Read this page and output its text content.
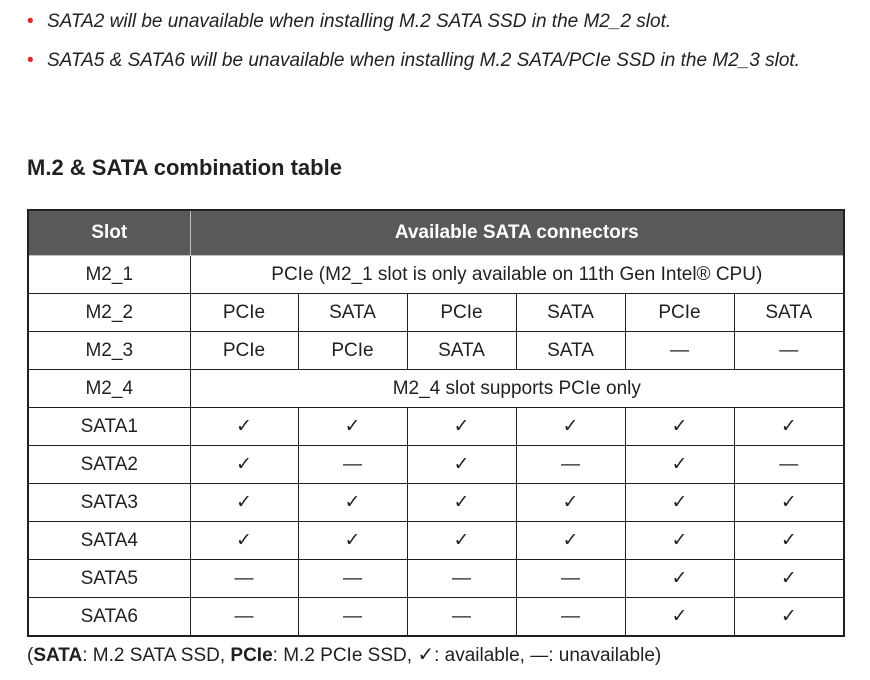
• SATA2 will be unavailable when installing M.2 SATA SSD in the M2_2 slot.

• SATA5 & SATA6 will be unavailable when installing M.2 SATA/PCIe SSD in the M2_3 slot.

M.2 & SATA combination table
Slot	Available SATA connectors					
M2_1	PCIe (M2_1 slot is only available on 11th Gen Intel® CPU)					
M2_2	PCIe	SATA	PCIe	SATA	PCIe	SATA
M2_3	PCIe	PCIe	SATA	SATA	—	—
M2_4	M2_4 slot supports PCIe only					
SATA1	✓	✓	✓	✓	✓	✓
SATA2	✓	—	✓	—	✓	—
SATA3	✓	✓	✓	✓	✓	✓
SATA4	✓	✓	✓	✓	✓	✓
SATA5	—	—	—	—	✓	✓
SATA6	—	—	—	—	✓	✓

(SATA: M.2 SATA SSD, PCIe: M.2 PCIe SSD, ✓: available, —: unavailable)
